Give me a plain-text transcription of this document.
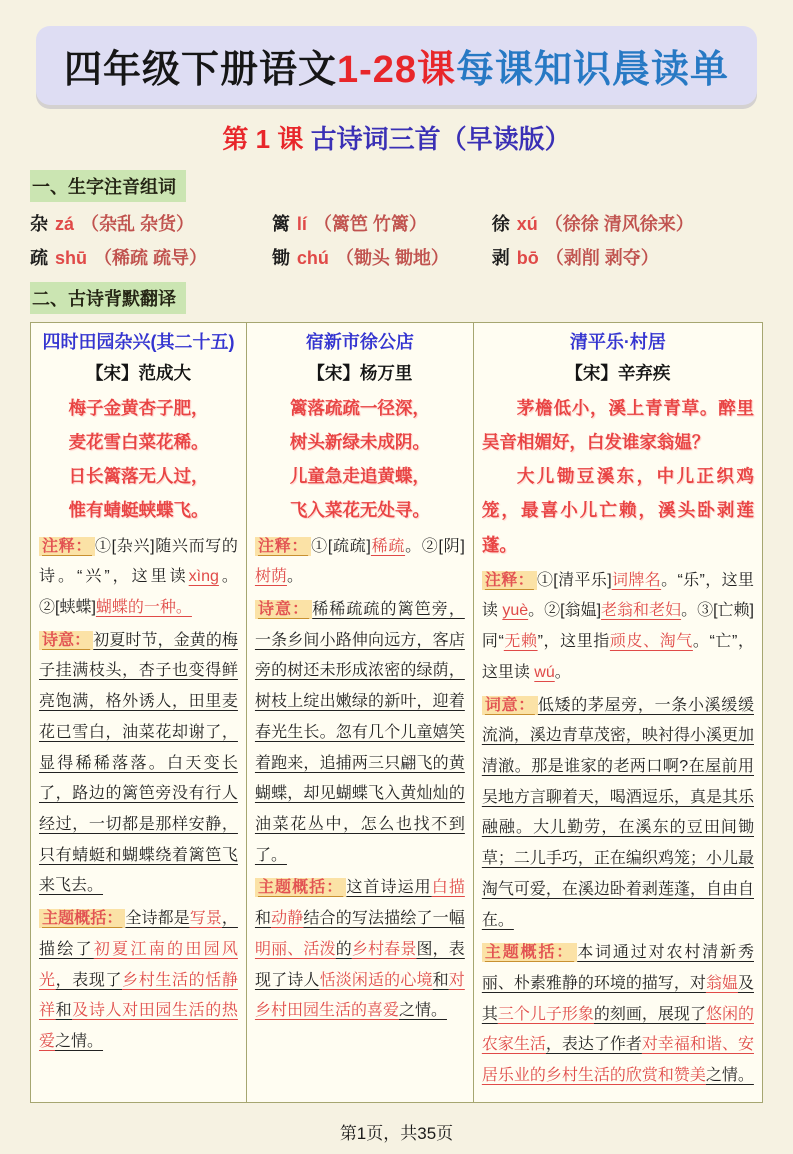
四年级下册语文1-28课每课知识晨读单
第 1 课 古诗词三首（早读版）
一、生字注音组词
杂 zá （杂乱 杂货）	篱 lí （篱笆 竹篱）	徐 xú （徐徐 清风徐来）
疏 shū （稀疏 疏导）	锄 chú （锄头 锄地）	剥 bō （剥削 剥夺）
二、古诗背默翻译
四时田园杂兴(其二十五)
【宋】范成大
梅子金黄杏子肥，
麦花雪白菜花稀。
日长篱落无人过，
惟有蜻蜓蛱蝶飞。
注释： ①[杂兴]随兴而写的诗。“兴”，这里读xìng。②[蛱蝶]蝴蝶的一种。
诗意： 初夏时节，金黄的梅子挂满枝头，杏子也变得鲜亮饱满，格外诱人，田里麦花已雪白，油菜花却谢了，显得稀稀落落。白天变长了，路边的篱笆旁没有行人经过，一切都是那样安静，只有蜻蜓和蝴蝶绕着篱笆飞来飞去。
主题概括： 全诗都是写景，描绘了初夏江南的田园风光，表现了乡村生活的恬静祥和及诗人对田园生活的热爱之情。

宿新市徐公店
【宋】杨万里
篱落疏疏一径深，
树头新绿未成阴。
儿童急走追黄蝶，
飞入菜花无处寻。
注释： ①[疏疏]稀疏。②[阴]树荫。
诗意： 稀稀疏疏的篱笆旁，一条乡间小路伸向远方，客店旁的树还未形成浓密的绿荫，树枝上绽出嫩绿的新叶，迎着春光生长。忽有几个儿童嬉笑着跑来，追捕两三只翩飞的黄蝴蝶，却见蝴蝶飞入黄灿灿的油菜花丛中，怎么也找不到了。
主题概括： 这首诗运用白描和动静结合的写法描绘了一幅明丽、活泼的乡村春景图，表现了诗人恬淡闲适的心境和对乡村田园生活的喜爱之情。

清平乐·村居
【宋】辛弃疾

茅檐低小，溪上青青草。醉里吴音相媚好，白发谁家翁媪？

大儿锄豆溪东，中儿正织鸡笼，最喜小儿亡赖，溪头卧剥莲蓬。

注释： ①[清平乐]词牌名。“乐”，这里读 yuè。②[翁媪]老翁和老妇。③[亡赖]同“无赖”，这里指顽皮、淘气。“亡”，这里读 wú。
词意： 低矮的茅屋旁，一条小溪缓缓流淌，溪边青草茂密，映衬得小溪更加清澈。那是谁家的老两口啊?在屋前用吴地方言聊着天，喝酒逗乐，真是其乐融融。大儿勤劳，在溪东的豆田间锄草；二儿手巧，正在编织鸡笼；小儿最淘气可爱，在溪边卧着剥莲蓬，自由自在。
主题概括： 本词通过对农村清新秀丽、朴素雅静的环境的描写，对翁媪及其三个儿子形象的刻画，展现了悠闲的农家生活，表达了作者对幸福和谐、安居乐业的乡村生活的欣赏和赞美之情。
第1页，共35页
